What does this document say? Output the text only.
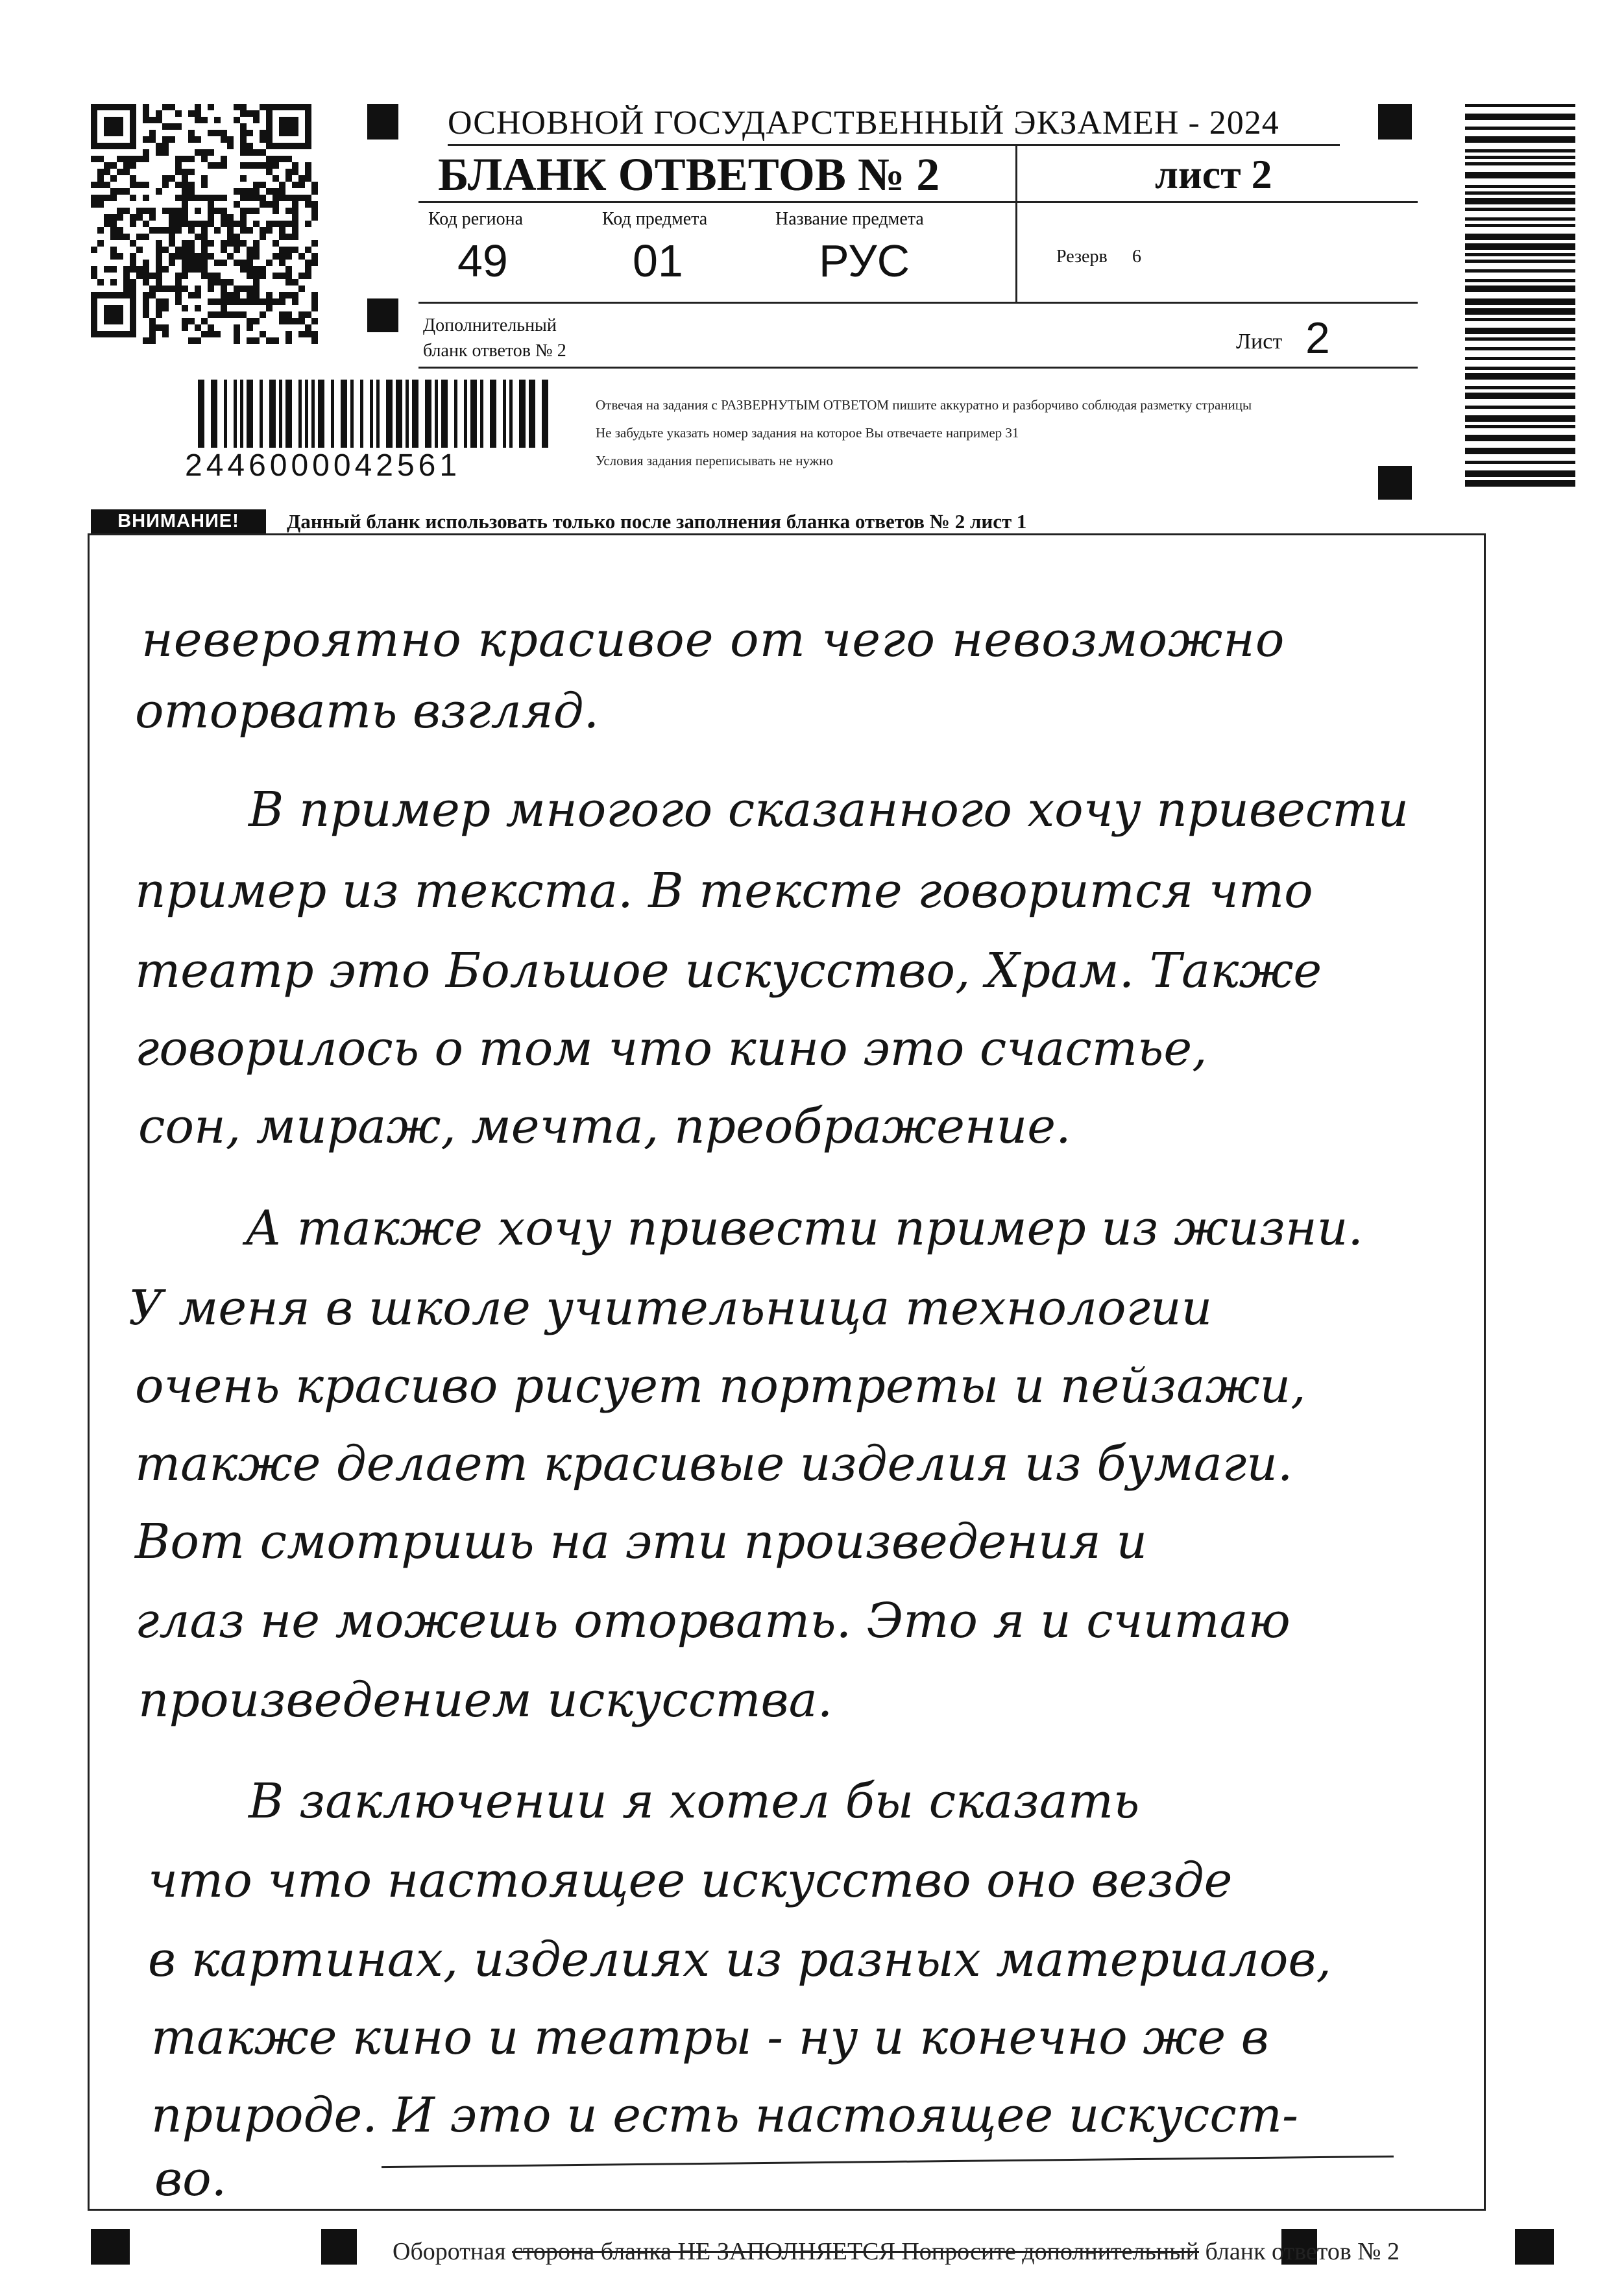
ОСНОВНОЙ ГОСУДАРСТВЕННЫЙ ЭКЗАМЕН - 2024
БЛАНК ОТВЕТОВ № 2	лист 2
Код региона
49
Код предмета
01
Название предмета
РУС	Резерв 6
Дополнительный
бланк ответов № 2	Лист 2
Отвечая на задания с РАЗВЕРНУТЫМ ОТВЕТОМ пишите аккуратно и разборчиво соблюдая разметку страницы
Не забудьте указать номер задания на которое Вы отвечаете например 31
Условия задания переписывать не нужно
2446000042561
ВНИМАНИЕ!	Данный бланк использовать только после заполнения бланка ответов № 2 лист 1
невероятно красивое от чего невозможно
оторвать взгляд.
В пример многого сказанного хочу привести
пример из текста. В тексте говорится что
театр это Большое искусство, Храм. Также
говорилось о том что кино это счастье,
сон, мираж, мечта, преображение.
А также хочу привести пример из жизни.
У меня в школе учительница технологии
очень красиво рисует портреты и пейзажи,
также делает красивые изделия из бумаги.
Вот смотришь на эти произведения и
глаз не можешь оторвать. Это я и считаю
произведением искусства.
В заключении я хотел бы сказать
что что настоящее искусство оно везде
в картинах, изделиях из разных материалов,
также кино и театры - ну и конечно же в
природе. И это и есть настоящее искусст-
во.
Оборотная сторона бланка НЕ ЗАПОЛНЯЕТСЯ Попросите дополнительный бланк ответов № 2
